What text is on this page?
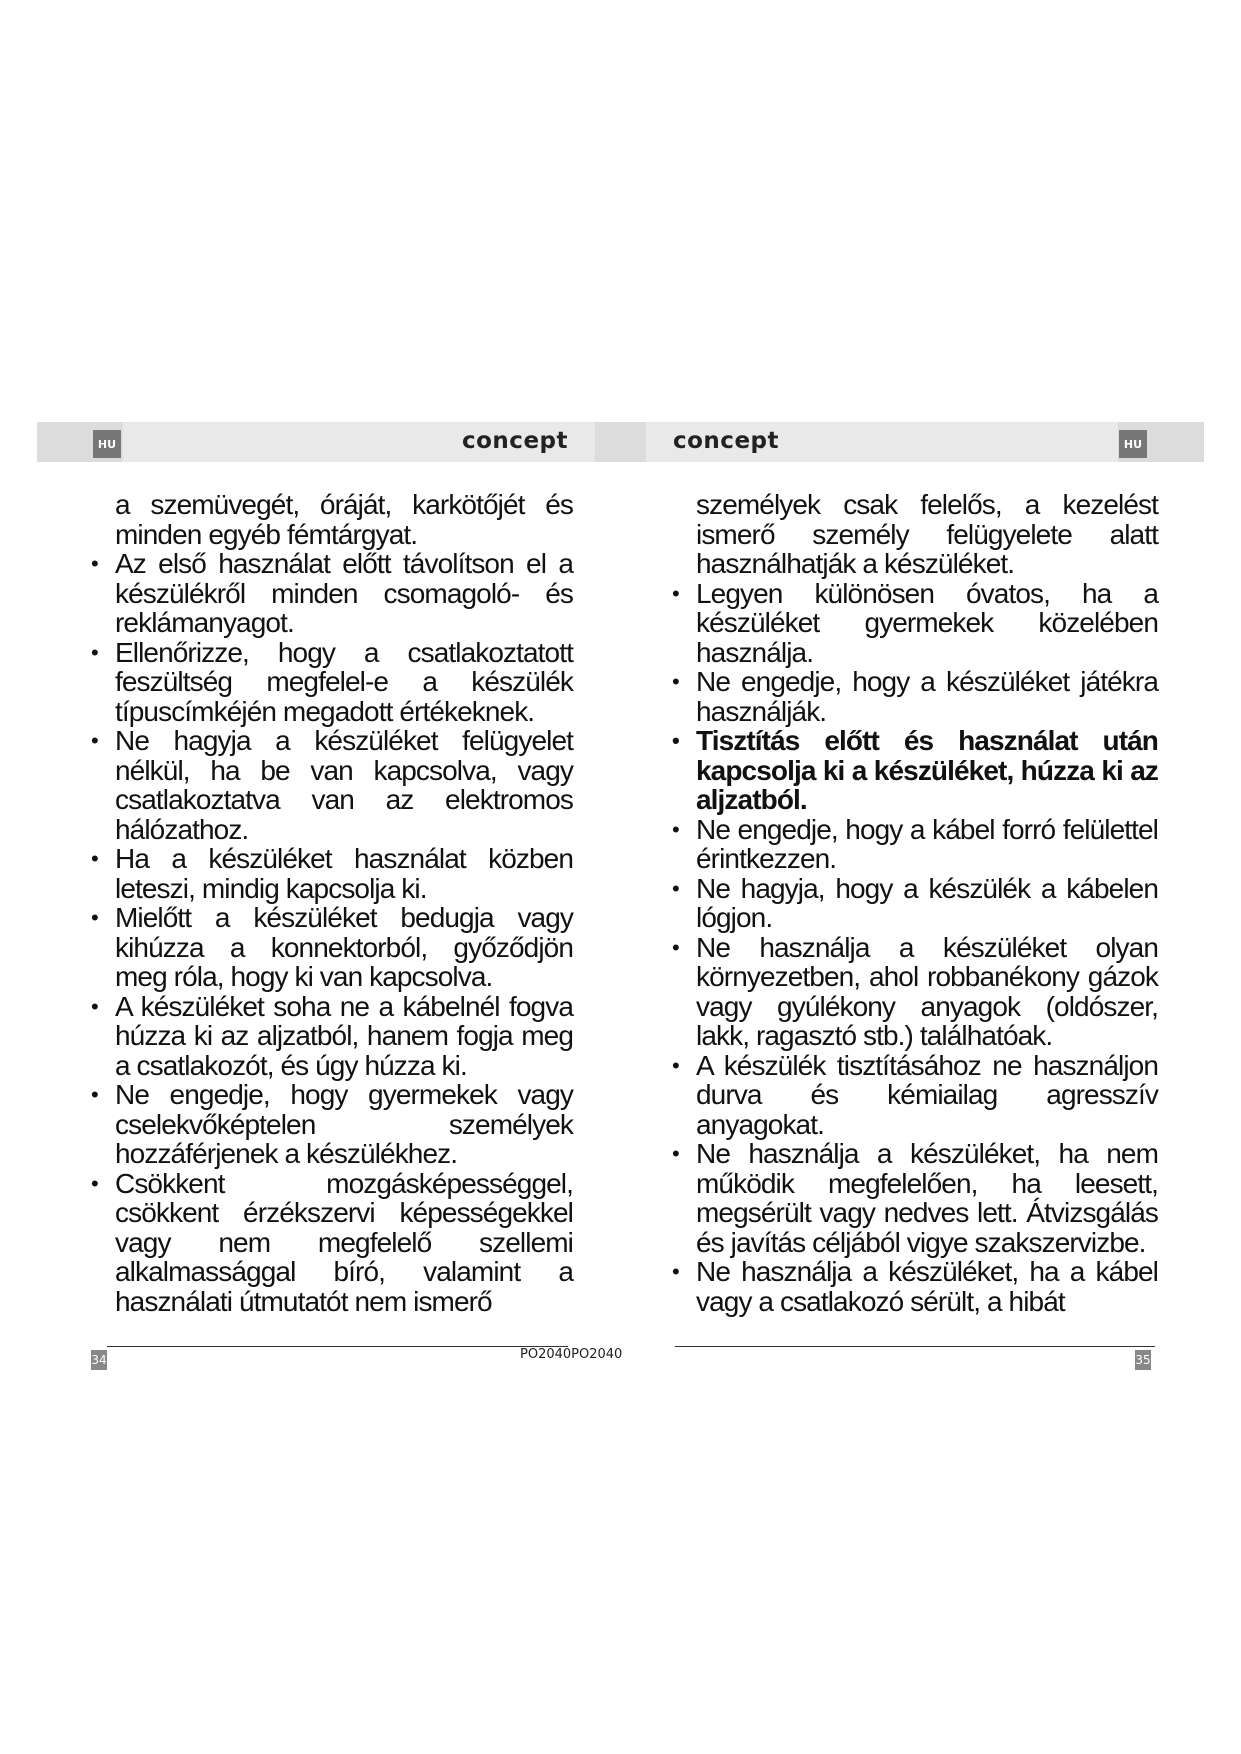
HU	HU
concept	concept

a szemüvegét, óráját, karkötőjét és minden egyéb fémtárgyat.

• Az első használat előtt távolítson el a készülékről minden csomagoló- és reklámanyagot.

• Ellenőrizze, hogy a csatlakoztatott feszültség megfelel-e a készülék típuscímkéjén megadott értékeknek.

• Ne hagyja a készüléket felügyelet nélkül, ha be van kapcsolva, vagy csatlakoztatva van az elektromos hálózathoz.

• Ha a készüléket használat közben leteszi, mindig kapcsolja ki.

• Mielőtt a készüléket bedugja vagy kihúzza a konnektorból, győződjön meg róla, hogy ki van kapcsolva.

• A készüléket soha ne a kábelnél fogva húzza ki az aljzatból, hanem fogja meg a csatlakozót, és úgy húzza ki.

• Ne engedje, hogy gyermekek vagy cselekvőképtelen személyek hozzáférjenek a készülékhez.

• Csökkent mozgásképességgel, csökkent érzékszervi képességekkel vagy nem megfelelő szellemi alkalmassággal bíró, valamint a használati útmutatót nem ismerő

személyek csak felelős, a kezelést ismerő személy felügyelete alatt használhatják a készüléket.

• Legyen különösen óvatos, ha a készüléket gyermekek közelében használja.

• Ne engedje, hogy a készüléket játékra használják.

• Tisztítás előtt és használat után kapcsolja ki a készüléket, húzza ki az aljzatból.

• Ne engedje, hogy a kábel forró felülettel érintkezzen.

• Ne hagyja, hogy a készülék a kábelen lógjon.

• Ne használja a készüléket olyan környezetben, ahol robbanékony gázok vagy gyúlékony anyagok (oldószer, lakk, ragasztó stb.) találhatóak.

• A készülék tisztításához ne használjon durva és kémiailag agresszív anyagokat.

• Ne használja a készüléket, ha nem működik megfelelően, ha leesett, megsérült vagy nedves lett. Átvizsgálás és javítás céljából vigye szakszervizbe.

• Ne használja a készüléket, ha a kábel vagy a csatlakozó sérült, a hibát

34	35
PO2040PO2040
